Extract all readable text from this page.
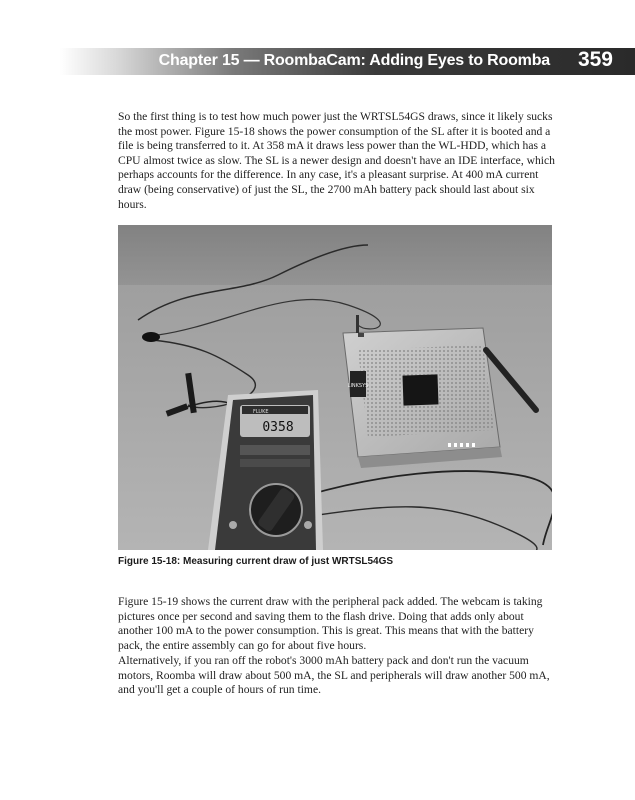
Chapter 15 — RoombaCam: Adding Eyes to Roomba 359

So the first thing is to test how much power just the WRTSL54GS draws, since it likely sucks the most power. Figure 15-18 shows the power consumption of the SL after it is booted and a file is being transferred to it. At 358 mA it draws less power than the WL-HDD, which has a CPU almost twice as slow. The SL is a newer design and doesn't have an IDE interface, which perhaps accounts for the difference. In any case, it's a pleasant surprise. At 400 mA current draw (being conservative) of just the SL, the 2700 mAh battery pack should last about six hours.

LINKSYS
FLUKE
0358
Figure 15-18: Measuring current draw of just WRTSL54GS

Figure 15-19 shows the current draw with the peripheral pack added. The webcam is taking pictures once per second and saving them to the flash drive. Doing that adds only about another 100 mA to the power consumption. This is great. This means that with the battery pack, the entire assembly can go for about five hours.

Alternatively, if you ran off the robot's 3000 mAh battery pack and don't run the vacuum motors, Roomba will draw about 500 mA, the SL and peripherals will draw another 500 mA, and you'll get a couple of hours of run time.
